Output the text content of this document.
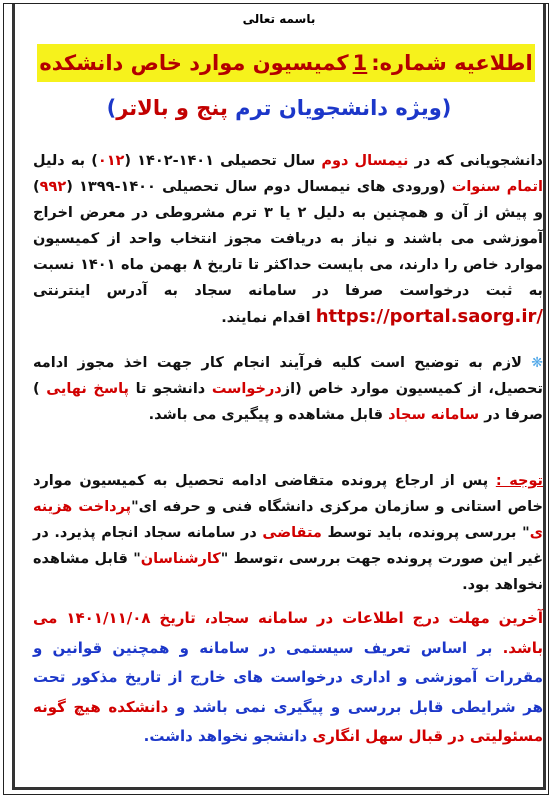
باسمه تعالی
اطلاعیه شماره:1کمیسیون موارد خاص دانشکده
(ویژه دانشجویان ترم پنج و بالاتر)
دانشجویانی که در نیمسال دوم سال تحصیلی ۱۴۰۱-۱۴۰۲ (۰۱۲) به دلیل اتمام سنوات (ورودی های نیمسال دوم سال تحصیلی ۱۴۰۰-۱۳۹۹ (۹۹۲) و پیش از آن و همچنین به دلیل ۲ یا ۳ ترم مشروطی در معرض اخراج آموزشی می باشند و نیاز به دریافت مجوز انتخاب واحد از کمیسیون موارد خاص را دارند، می بایست حداکثر تا تاریخ ۸ بهمن ماه ۱۴۰۱ نسبت به ثبت درخواست صرفا در سامانه سجاد به آدرس اینترنتی https://portal.saorg.ir/ اقدام نمایند.
❋ لازم به توضیح است کلیه فرآیند انجام کار جهت اخذ مجوز ادامه تحصیل، از کمیسیون موارد خاص (ازدرخواست دانشجو تا پاسخ نهایی ) صرفا در سامانه سجاد قابل مشاهده و پیگیری می باشد.
توجه : پس از ارجاع پرونده متقاضی ادامه تحصیل به کمیسیون موارد خاص استانی و سازمان مرکزی دانشگاه فنی و حرفه ای"پرداخت هزینه ی" بررسی پرونده، باید توسط متقاضی در سامانه سجاد انجام پذیرد. در غیر این صورت پرونده جهت بررسی ،توسط "کارشناسان" قابل مشاهده نخواهد بود.
آخرین مهلت درج اطلاعات در سامانه سجاد، تاریخ ۱۴۰۱/۱۱/۰۸ می باشد. بر اساس تعریف سیستمی در سامانه و همچنین قوانین و مقررات آموزشی و اداری درخواست های خارج از تاریخ مذکور تحت هر شرایطی قابل بررسی و پیگیری نمی باشد و دانشکده هیچ گونه مسئولیتی در قبال سهل انگاری دانشجو نخواهد داشت.
